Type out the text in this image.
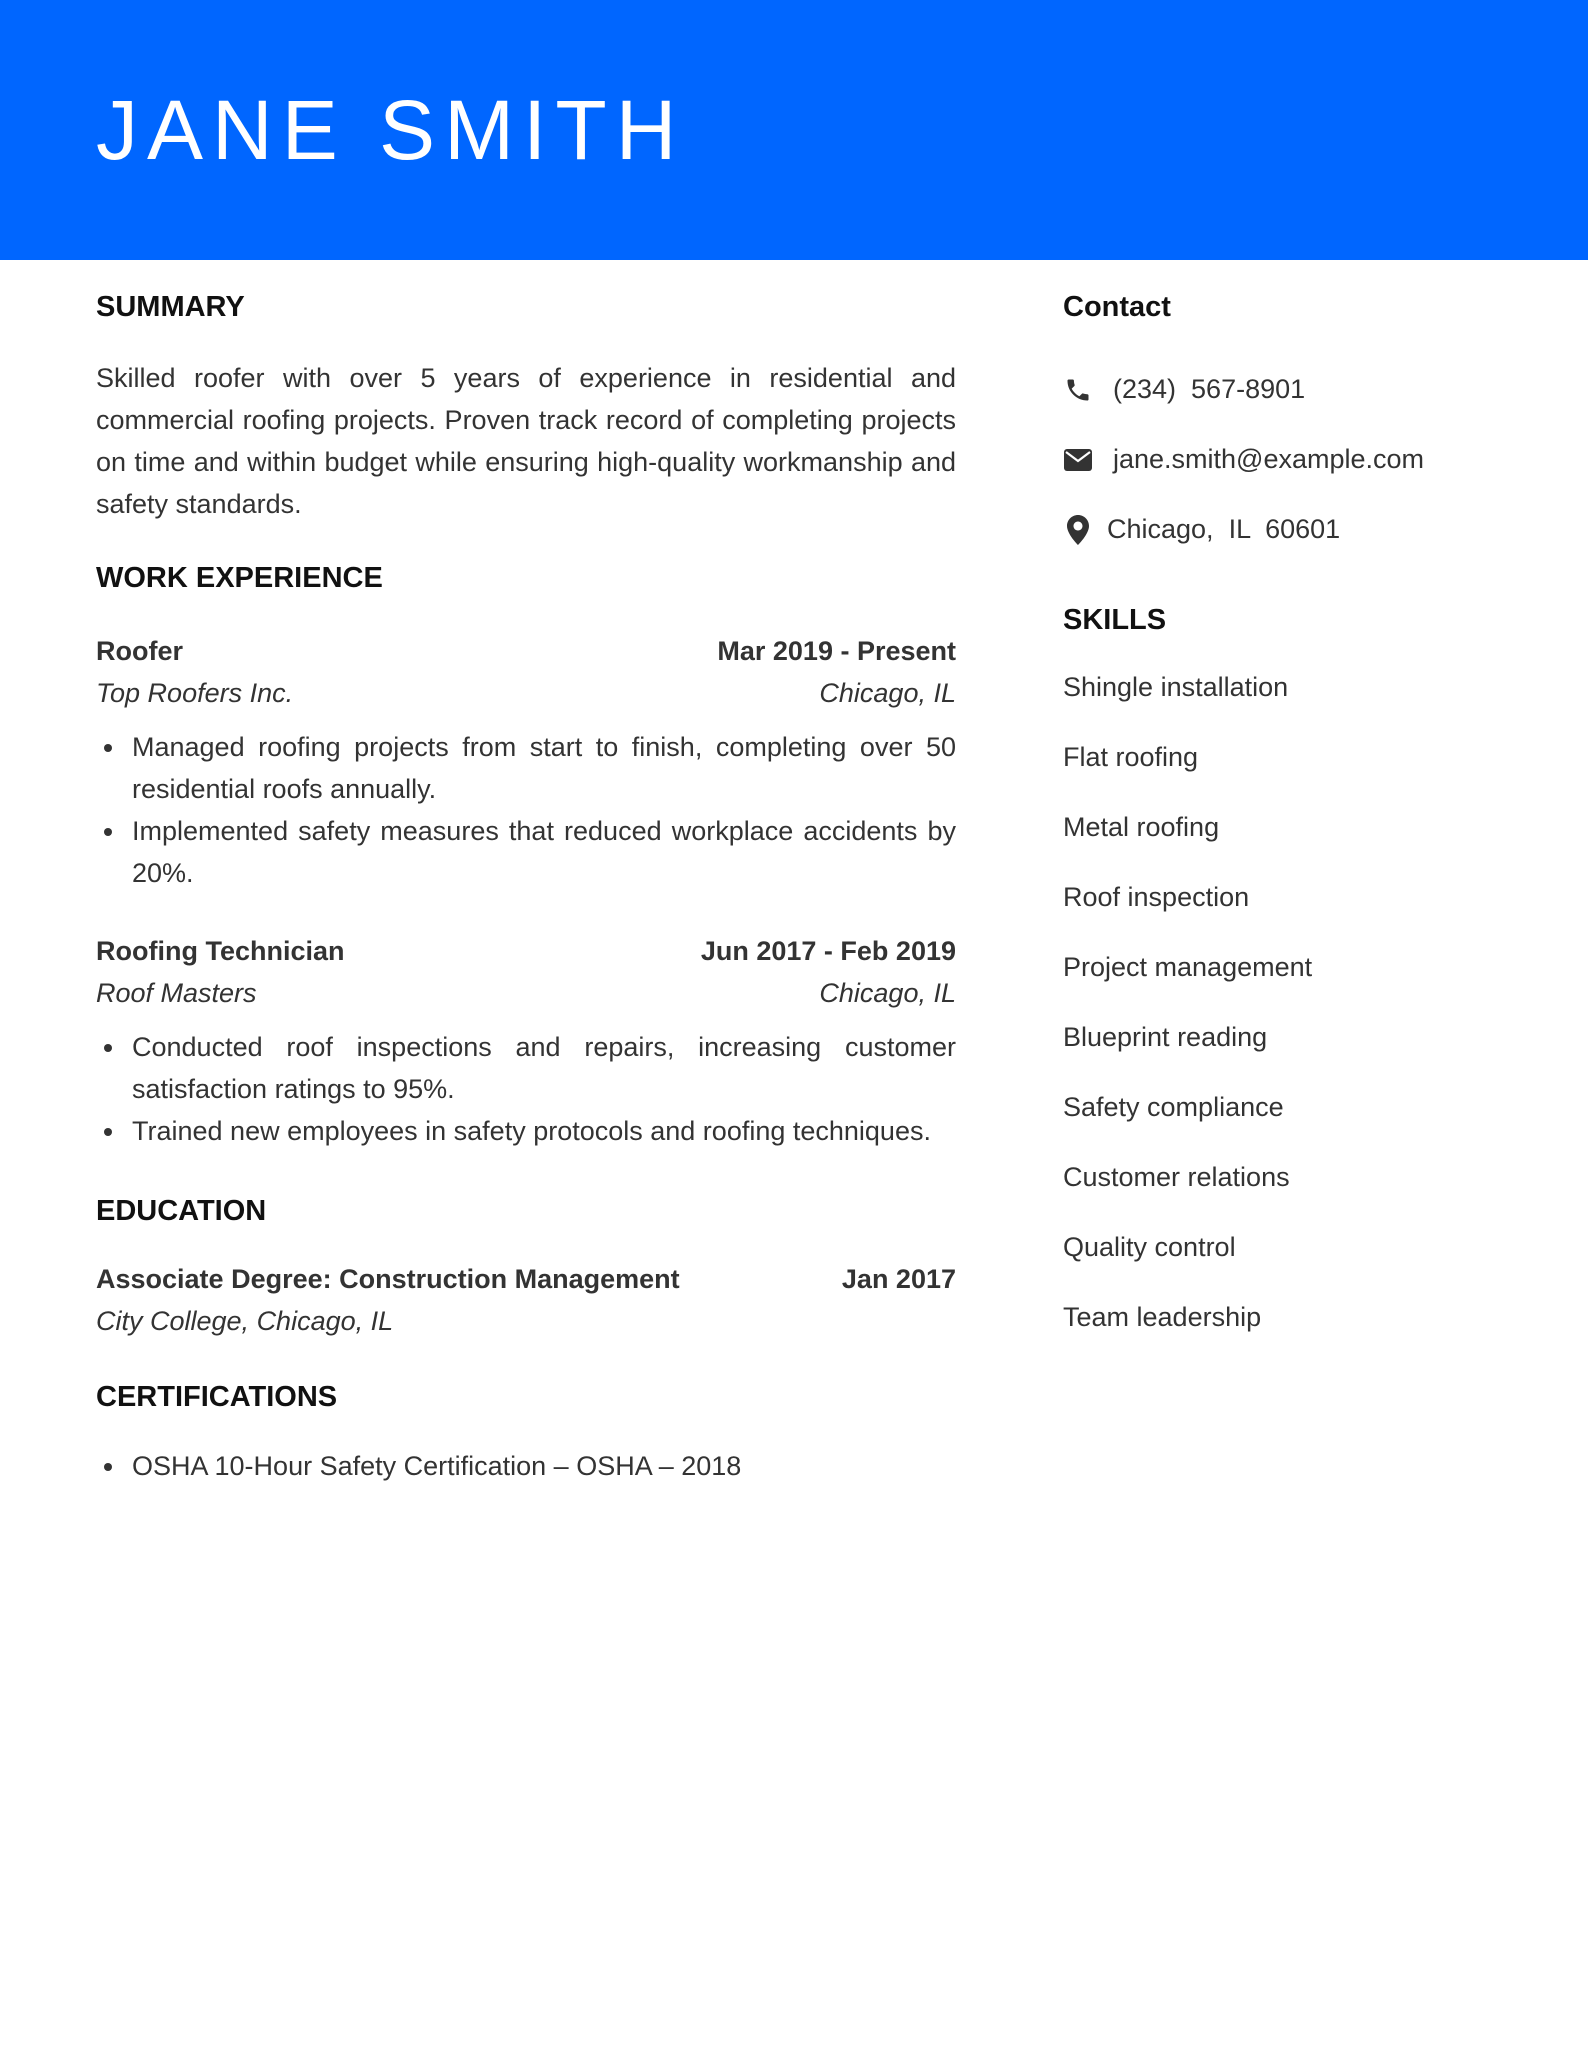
JANE SMITH
SUMMARY

Skilled roofer with over 5 years of experience in residential and commercial roofing projects. Proven track record of completing projects on time and within budget while ensuring high-quality workmanship and safety standards.

WORK EXPERIENCE
Roofer	Mar 2019 - Present
Top Roofers Inc.	Chicago, IL
Managed roofing projects from start to finish, completing over 50 residential roofs annually.
Implemented safety measures that reduced workplace accidents by 20%.
Roofing Technician	Jun 2017 - Feb 2019
Roof Masters	Chicago, IL
Conducted roof inspections and repairs, increasing customer satisfaction ratings to 95%.
Trained new employees in safety protocols and roofing techniques.
EDUCATION
Associate Degree: Construction Management	Jan 2017
City College, Chicago, IL
CERTIFICATIONS
OSHA 10-Hour Safety Certification – OSHA – 2018
Contact
(234)  567-8901
jane.smith@example.com
Chicago,  IL  60601
SKILLS
Shingle installation
Flat roofing
Metal roofing
Roof inspection
Project management
Blueprint reading
Safety compliance
Customer relations
Quality control
Team leadership
